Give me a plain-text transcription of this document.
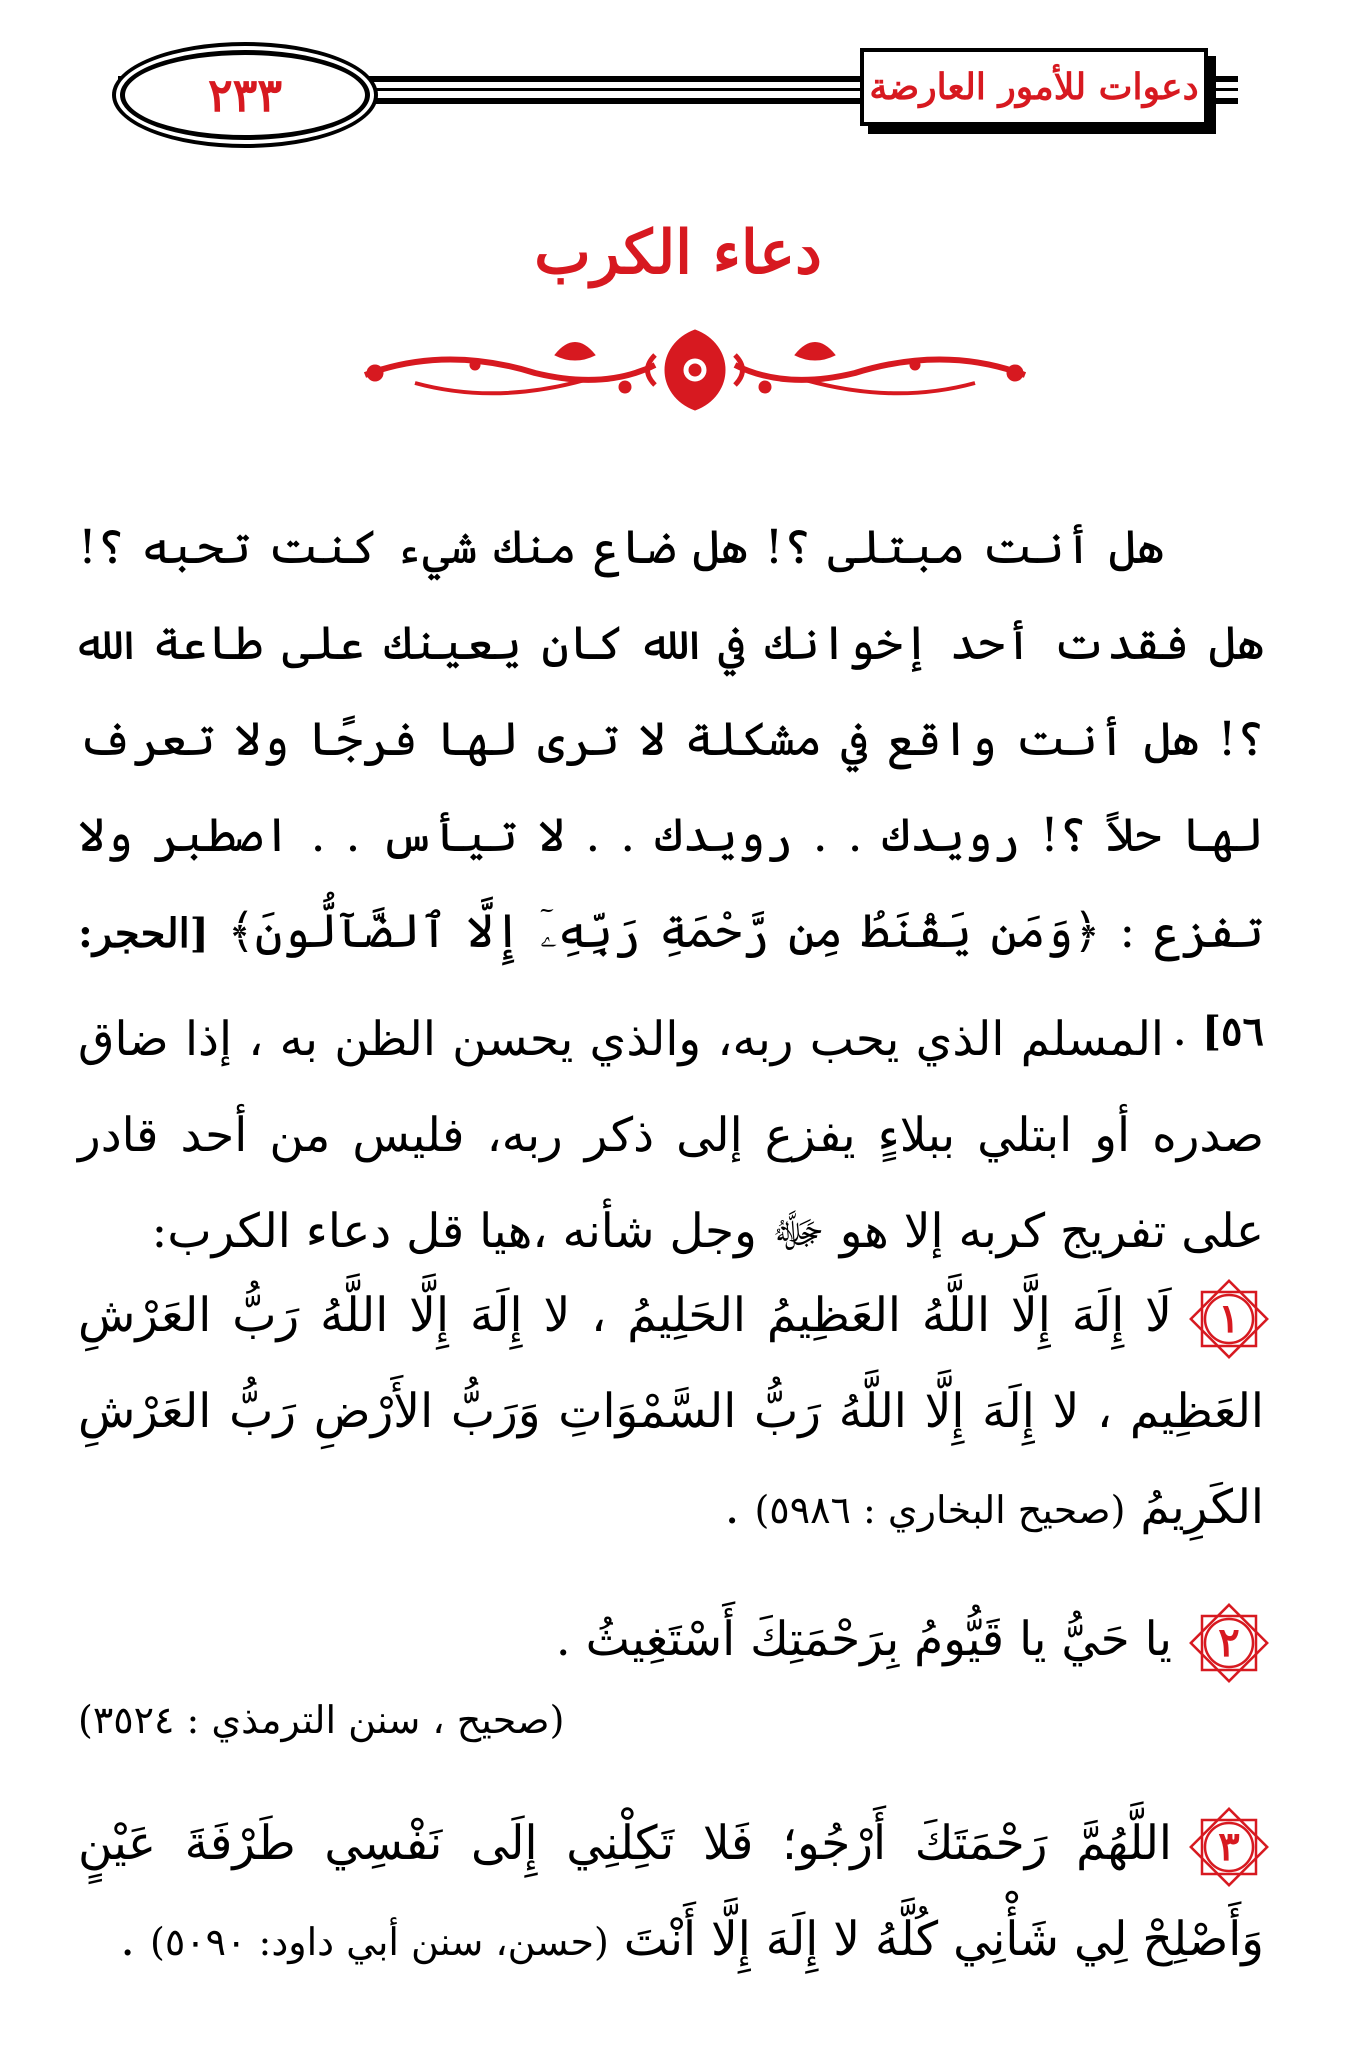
٢٣٣	دعوات للأمور العارضة
دعاء الكرب
هل أنت مبتلى ؟! هل ضاع منك شيء كنت تحبه ؟! هل فقدت أحد إخوانك في الله كان يعينك على طاعة الله ؟! هل أنت واقع في مشكلة لا ترى لها فرجًا ولا تعرف لها حلاً ؟! رويدك . . رويدك . . لا تيأس . . اصطبر ولا تفزع : ﴿وَمَن يَقْنَطُ مِن رَّحْمَةِ رَبِّهِۦٓ إِلَّا ٱلضَّآلُّونَ﴾ [الحجر: ٥٦] .
المسلم الذي يحب ربه، والذي يحسن الظن به ، إذا ضاق صدره أو ابتلي ببلاءٍ يفزع إلى ذكر ربه، فليس من أحد قادر على تفريج كربه إلا هو ﷻ وجل شأنه ،هيا قل دعاء الكرب:
١
لَا إِلَهَ إِلَّا اللَّهُ العَظِيمُ الحَلِيمُ ، لا إِلَهَ إِلَّا اللَّهُ رَبُّ العَرْشِ العَظِيم ، لا إِلَهَ إِلَّا اللَّهُ رَبُّ السَّمْوَاتِ وَرَبُّ الأَرْضِ رَبُّ العَرْشِ الكَرِيمُ (صحيح البخاري : ٥٩٨٦) .
٢
يا حَيُّ يا قَيُّومُ بِرَحْمَتِكَ أَسْتَغِيثُ .
(صحيح ، سنن الترمذي : ٣٥٢٤)
٣
اللَّهُمَّ رَحْمَتَكَ أَرْجُو؛ فَلا تَكِلْنِي إِلَى نَفْسِي طَرْفَةَ عَيْنٍ وَأَصْلِحْ لِي شَأْنِي كُلَّهُ لا إِلَهَ إِلَّا أَنْتَ (حسن، سنن أبي داود: ٥٠٩٠) .
